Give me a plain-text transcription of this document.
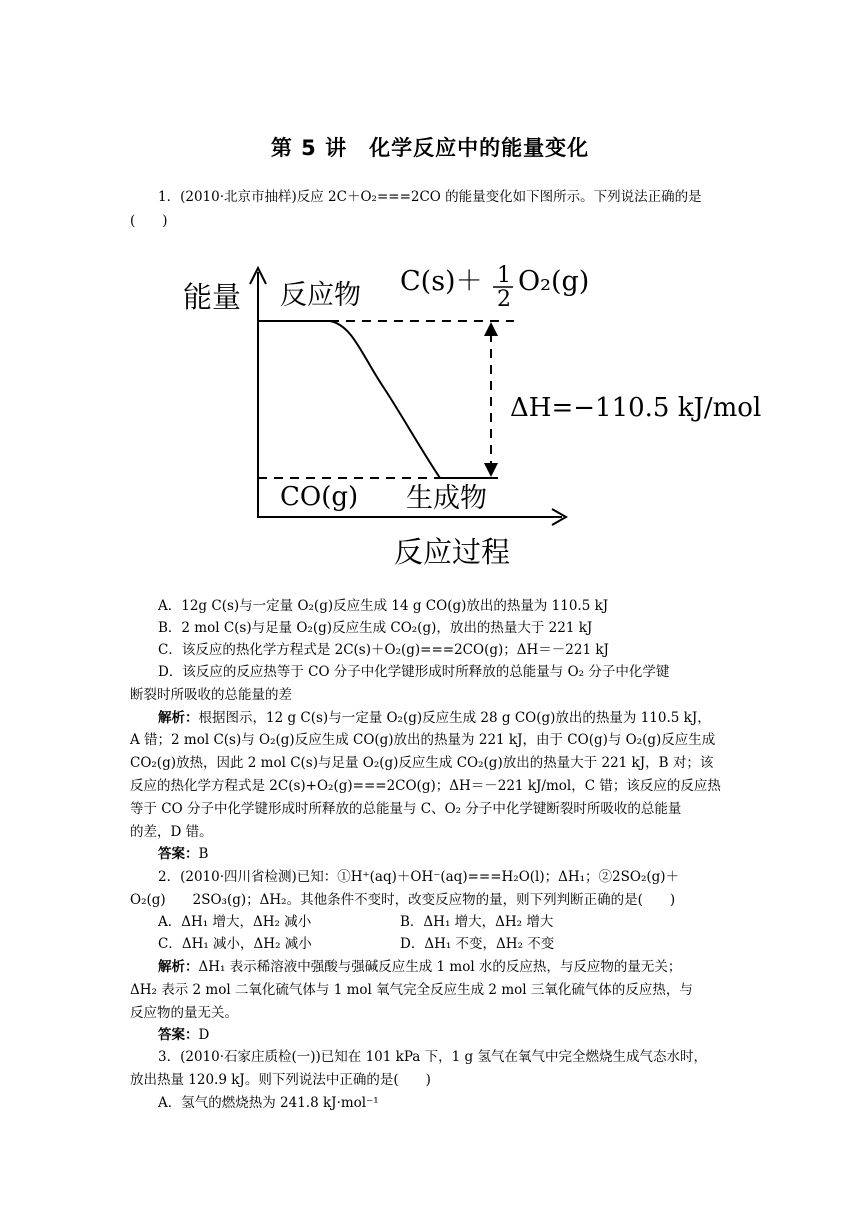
第 5 讲　化学反应中的能量变化
1．(2010·北京市抽样)反应 2C＋O₂===2CO 的能量变化如下图所示。下列说法正确的是
(　　)
能量 反应物 C(s)＋ 1
2
O₂(g)
ΔH=−110.5 kJ/mol
CO(g) 生成物
反应过程
A．12g C(s)与一定量 O₂(g)反应生成 14 g CO(g)放出的热量为 110.5 kJ
B．2 mol C(s)与足量 O₂(g)反应生成 CO₂(g)，放出的热量大于 221 kJ
C．该反应的热化学方程式是 2C(s)＋O₂(g)===2CO(g)；ΔH＝－221 kJ
D．该反应的反应热等于 CO 分子中化学键形成时所释放的总能量与 O₂ 分子中化学键
断裂时所吸收的总能量的差
解析：根据图示，12 g C(s)与一定量 O₂(g)反应生成 28 g CO(g)放出的热量为 110.5 kJ，
A 错；2 mol C(s)与 O₂(g)反应生成 CO(g)放出的热量为 221 kJ，由于 CO(g)与 O₂(g)反应生成
CO₂(g)放热，因此 2 mol C(s)与足量 O₂(g)反应生成 CO₂(g)放出的热量大于 221 kJ，B 对；该
反应的热化学方程式是 2C(s)+O₂(g)===2CO(g)；ΔH＝－221 kJ/mol，C 错；该反应的反应热
等于 CO 分子中化学键形成时所释放的总能量与 C、O₂ 分子中化学键断裂时所吸收的总能量
的差，D 错。
答案：B
2．(2010·四川省检测)已知：①H⁺(aq)＋OH⁻(aq)===H₂O(l)；ΔH₁；②2SO₂(g)＋
O₂(g)　　2SO₃(g)；ΔH₂。其他条件不变时，改变反应物的量，则下列判断正确的是(　　)
A．ΔH₁ 增大，ΔH₂ 减小	B．ΔH₁ 增大，ΔH₂ 增大
C．ΔH₁ 减小，ΔH₂ 减小	D．ΔH₁ 不变，ΔH₂ 不变
解析：ΔH₁ 表示稀溶液中强酸与强碱反应生成 1 mol 水的反应热，与反应物的量无关；
ΔH₂ 表示 2 mol 二氧化硫气体与 1 mol 氧气完全反应生成 2 mol 三氧化硫气体的反应热，与
反应物的量无关。
答案：D
3．(2010·石家庄质检(一))已知在 101 kPa 下，1 g 氢气在氧气中完全燃烧生成气态水时，
放出热量 120.9 kJ。则下列说法中正确的是(　　)
A．氢气的燃烧热为 241.8 kJ·mol⁻¹
